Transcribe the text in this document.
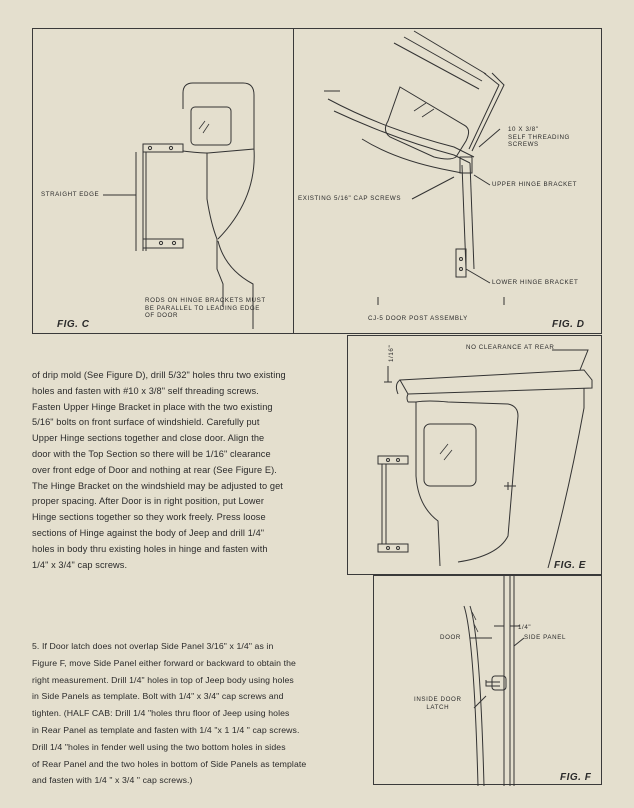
STRAIGHT EDGE
RODS ON HINGE BRACKETS MUST
BE PARALLEL TO LEADING EDGE
OF DOOR
FIG. C
10 X 3/8"
SELF THREADING
SCREWS
UPPER HINGE BRACKET
EXISTING 5/16" CAP SCREWS
LOWER HINGE BRACKET
CJ-5 DOOR POST ASSEMBLY
FIG. D
NO CLEARANCE AT REAR
1/16"
FIG. E
DOOR
1/4"
SIDE PANEL
INSIDE DOOR
LATCH
FIG. F

of drip mold (See Figure D), drill 5/32" holes thru two existing

holes and fasten with #10 x 3/8" self threading screws.

Fasten Upper Hinge Bracket in place with the two existing

5/16" bolts on front surface of windshield. Carefully put

Upper Hinge sections together and close door. Align the

door with the Top Section so there will be 1/16" clearance

over front edge of Door and nothing at rear (See Figure E).

The Hinge Bracket on the windshield may be adjusted to get

proper spacing. After Door is in right position, put Lower

Hinge sections together so they work freely. Press loose

sections of Hinge against the body of Jeep and drill 1/4"

holes in body thru existing holes in hinge and fasten with

1/4" x 3/4" cap screws.

5. If Door latch does not overlap Side Panel 3/16" x 1/4" as in

Figure F, move Side Panel either forward or backward to obtain the

right measurement. Drill 1/4" holes in top of Jeep body using holes

in Side Panels as template. Bolt with 1/4" x 3/4" cap screws and

tighten. (HALF CAB: Drill 1/4 "holes thru floor of Jeep using holes

in Rear Panel as template and fasten with 1/4 "x 1 1/4 " cap screws.

Drill 1/4 "holes in fender well using the two bottom holes in sides

of Rear Panel and the two holes in bottom of Side Panels as template

and fasten with 1/4 " x 3/4 " cap screws.)
